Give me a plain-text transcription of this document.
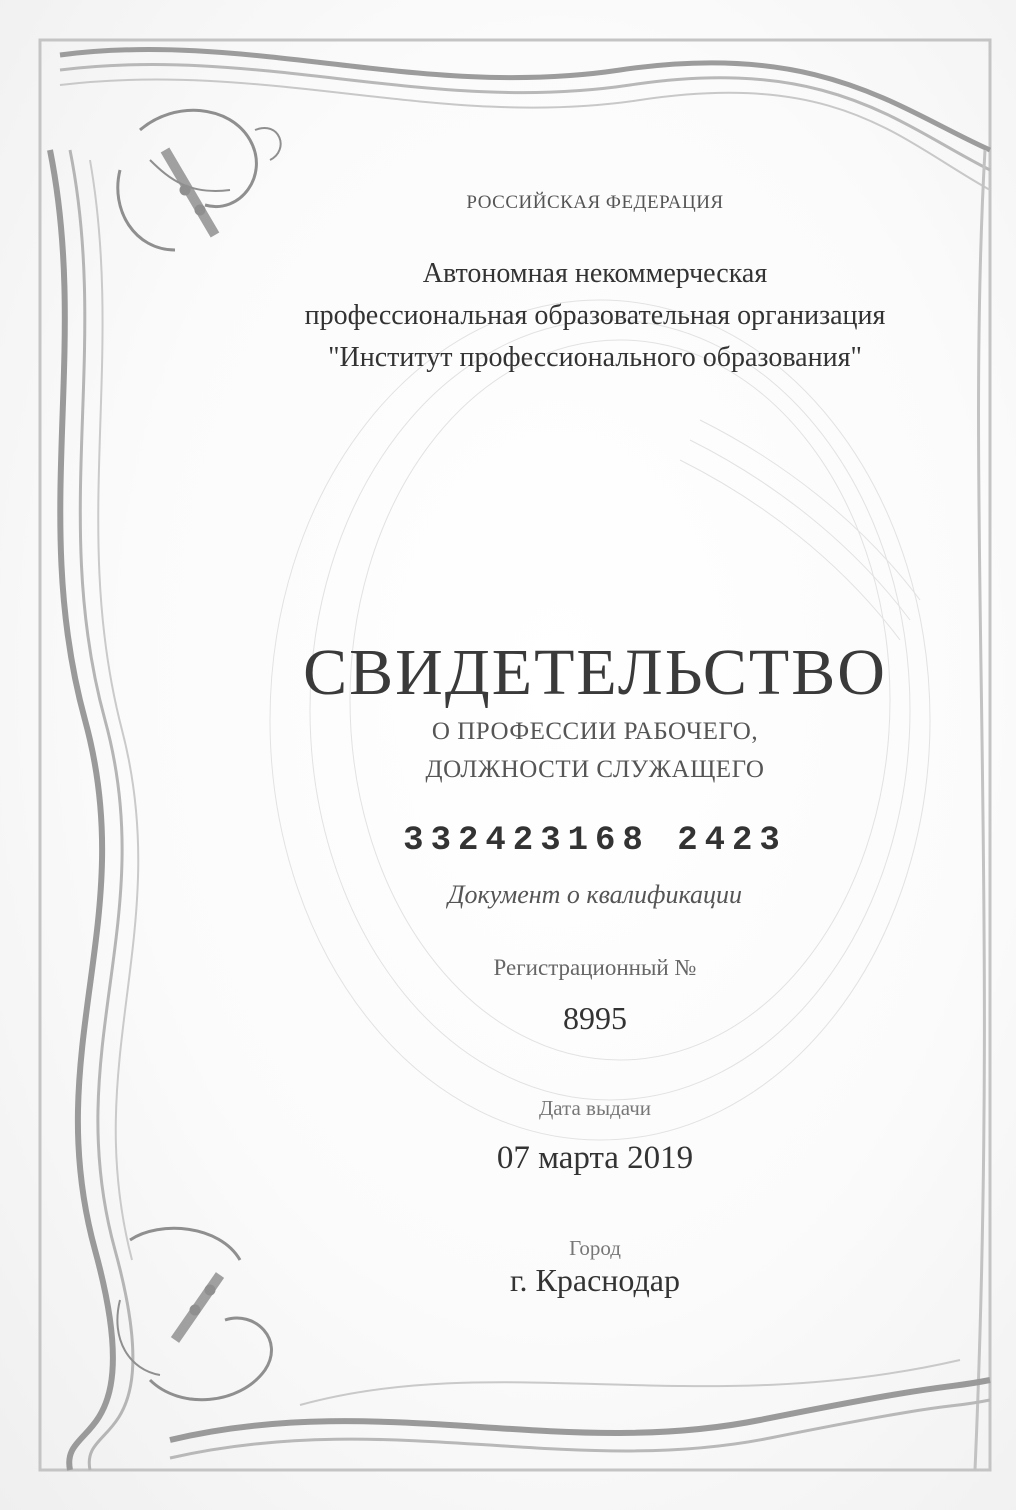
РОССИЙСКАЯ ФЕДЕРАЦИЯ
Автономная некоммерческая
профессиональная образовательная организация
"Институт профессионального образования"
СВИДЕТЕЛЬСТВО
О ПРОФЕССИИ РАБОЧЕГО,
ДОЛЖНОСТИ СЛУЖАЩЕГО
332423168 2423
Документ о квалификации
Регистрационный №
8995
Дата выдачи
07 марта 2019
Город
г. Краснодар
